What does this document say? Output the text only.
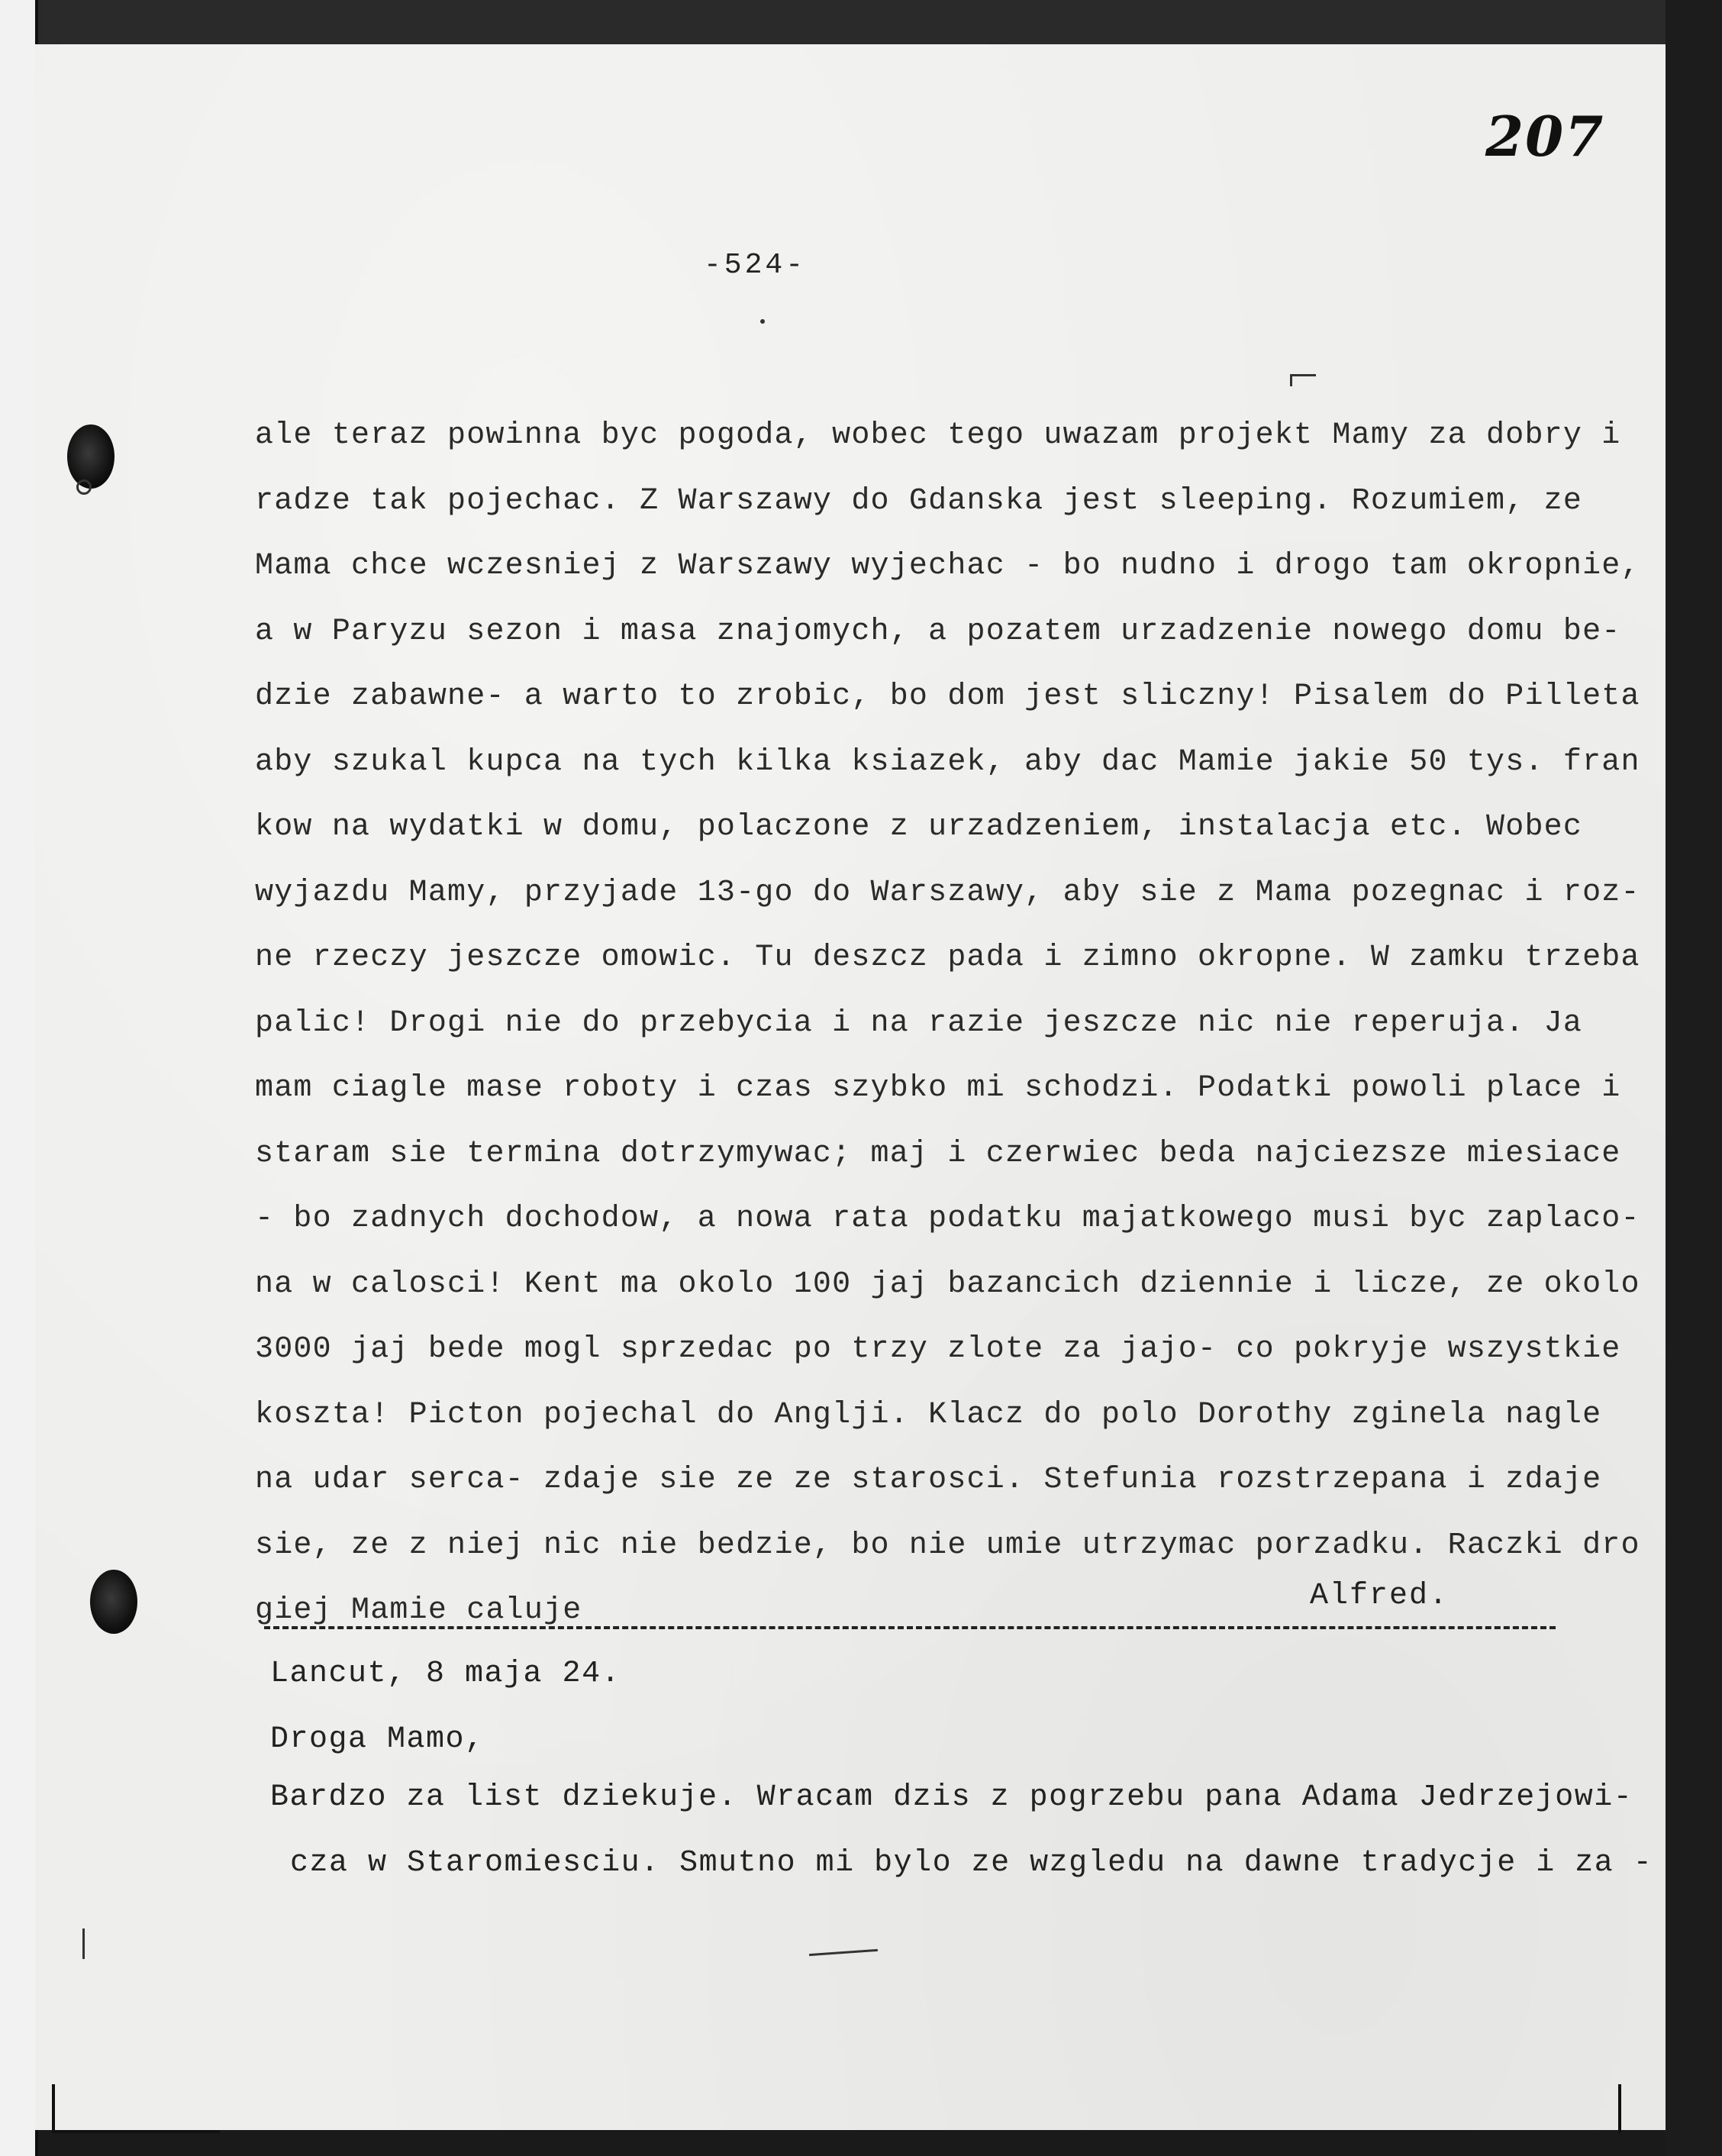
207
-524-
ale teraz powinna byc pogoda, wobec tego uwazam projekt Mamy za dobry i
radze tak pojechac. Z Warszawy do Gdanska jest sleeping. Rozumiem, ze
Mama chce wczesniej z Warszawy wyjechac - bo nudno i drogo tam okropnie,
a w Paryzu sezon i masa znajomych, a pozatem urzadzenie nowego domu be-
dzie zabawne- a warto to zrobic, bo dom jest sliczny! Pisalem do Pilleta
aby szukal kupca na tych kilka ksiazek, aby dac Mamie jakie 50 tys. fran
kow na wydatki w domu, polaczone z urzadzeniem, instalacja etc. Wobec
wyjazdu Mamy, przyjade 13-go do Warszawy, aby sie z Mama pozegnac i roz-
ne rzeczy jeszcze omowic. Tu deszcz pada i zimno okropne. W zamku trzeba
palic! Drogi nie do przebycia i na razie jeszcze nic nie reperuja. Ja
mam ciagle mase roboty i czas szybko mi schodzi. Podatki powoli place i
staram sie termina dotrzymywac; maj i czerwiec beda najciezsze miesiace
- bo zadnych dochodow, a nowa rata podatku majatkowego musi byc zaplaco-
na w calosci! Kent ma okolo 100 jaj bazancich dziennie i licze, ze okolo
3000 jaj bede mogl sprzedac po trzy zlote za jajo- co pokryje wszystkie
koszta! Picton pojechal do Anglji. Klacz do polo Dorothy zginela nagle
na udar serca- zdaje sie ze ze starosci. Stefunia rozstrzepana i zdaje
sie, ze z niej nic nie bedzie, bo nie umie utrzymac porzadku. Raczki dro
giej Mamie caluje	Alfred.
Lancut, 8 maja 24.
Droga Mamo,
Bardzo za list dziekuje. Wracam dzis z pogrzebu pana Adama Jedrzejowi-
cza w Staromiesciu. Smutno mi bylo ze wzgledu na dawne tradycje i za -
